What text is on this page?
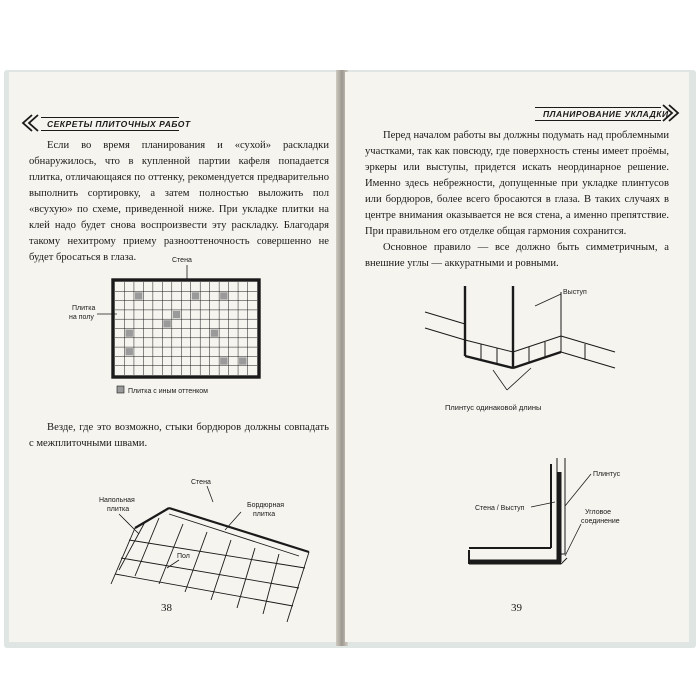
СЕКРЕТЫ ПЛИТОЧНЫХ РАБОТ

Если во время планирования и «сухой» раскладки обнаружилось, что в купленной партии кафеля попадается плитка, отличающаяся по оттенку, рекомендуется предварительно выполнить сортировку, а затем полностью выложить пол «всухую» по схеме, приведенной ниже. При укладке плитки на клей надо будет снова воспроизвести эту раскладку. Благодаря такому нехитрому приему разнооттеночность совершенно не будет бросаться в глаза.	Стена
Плитка
на полу
Плитка с иным оттенком

Везде, где это возможно, стыки бордюров должны совпадать с межплиточными швами.

Стена
Напольная
плитка
Бордюрная
плитка
Пол
38
ПЛАНИРОВАНИЕ УКЛАДКИ

Перед началом работы вы должны подумать над проблемными участками, так как повсюду, где поверхность стены имеет проёмы, эркеры или выступы, придется искать неординарное решение. Именно здесь небрежности, допущенные при укладке плинтусов или бордюров, более всего бросаются в глаза. В таких случаях в центре внимания оказывается не вся стена, а именно препятствие. При правильном его отделке общая гармония сохранится.

Основное правило — все должно быть симметричным, а внешние углы — аккуратными и ровными.

Выступ
Плинтус одинаковой длины
Плинтус
Стена / Выступ
Угловое
соединение
39
